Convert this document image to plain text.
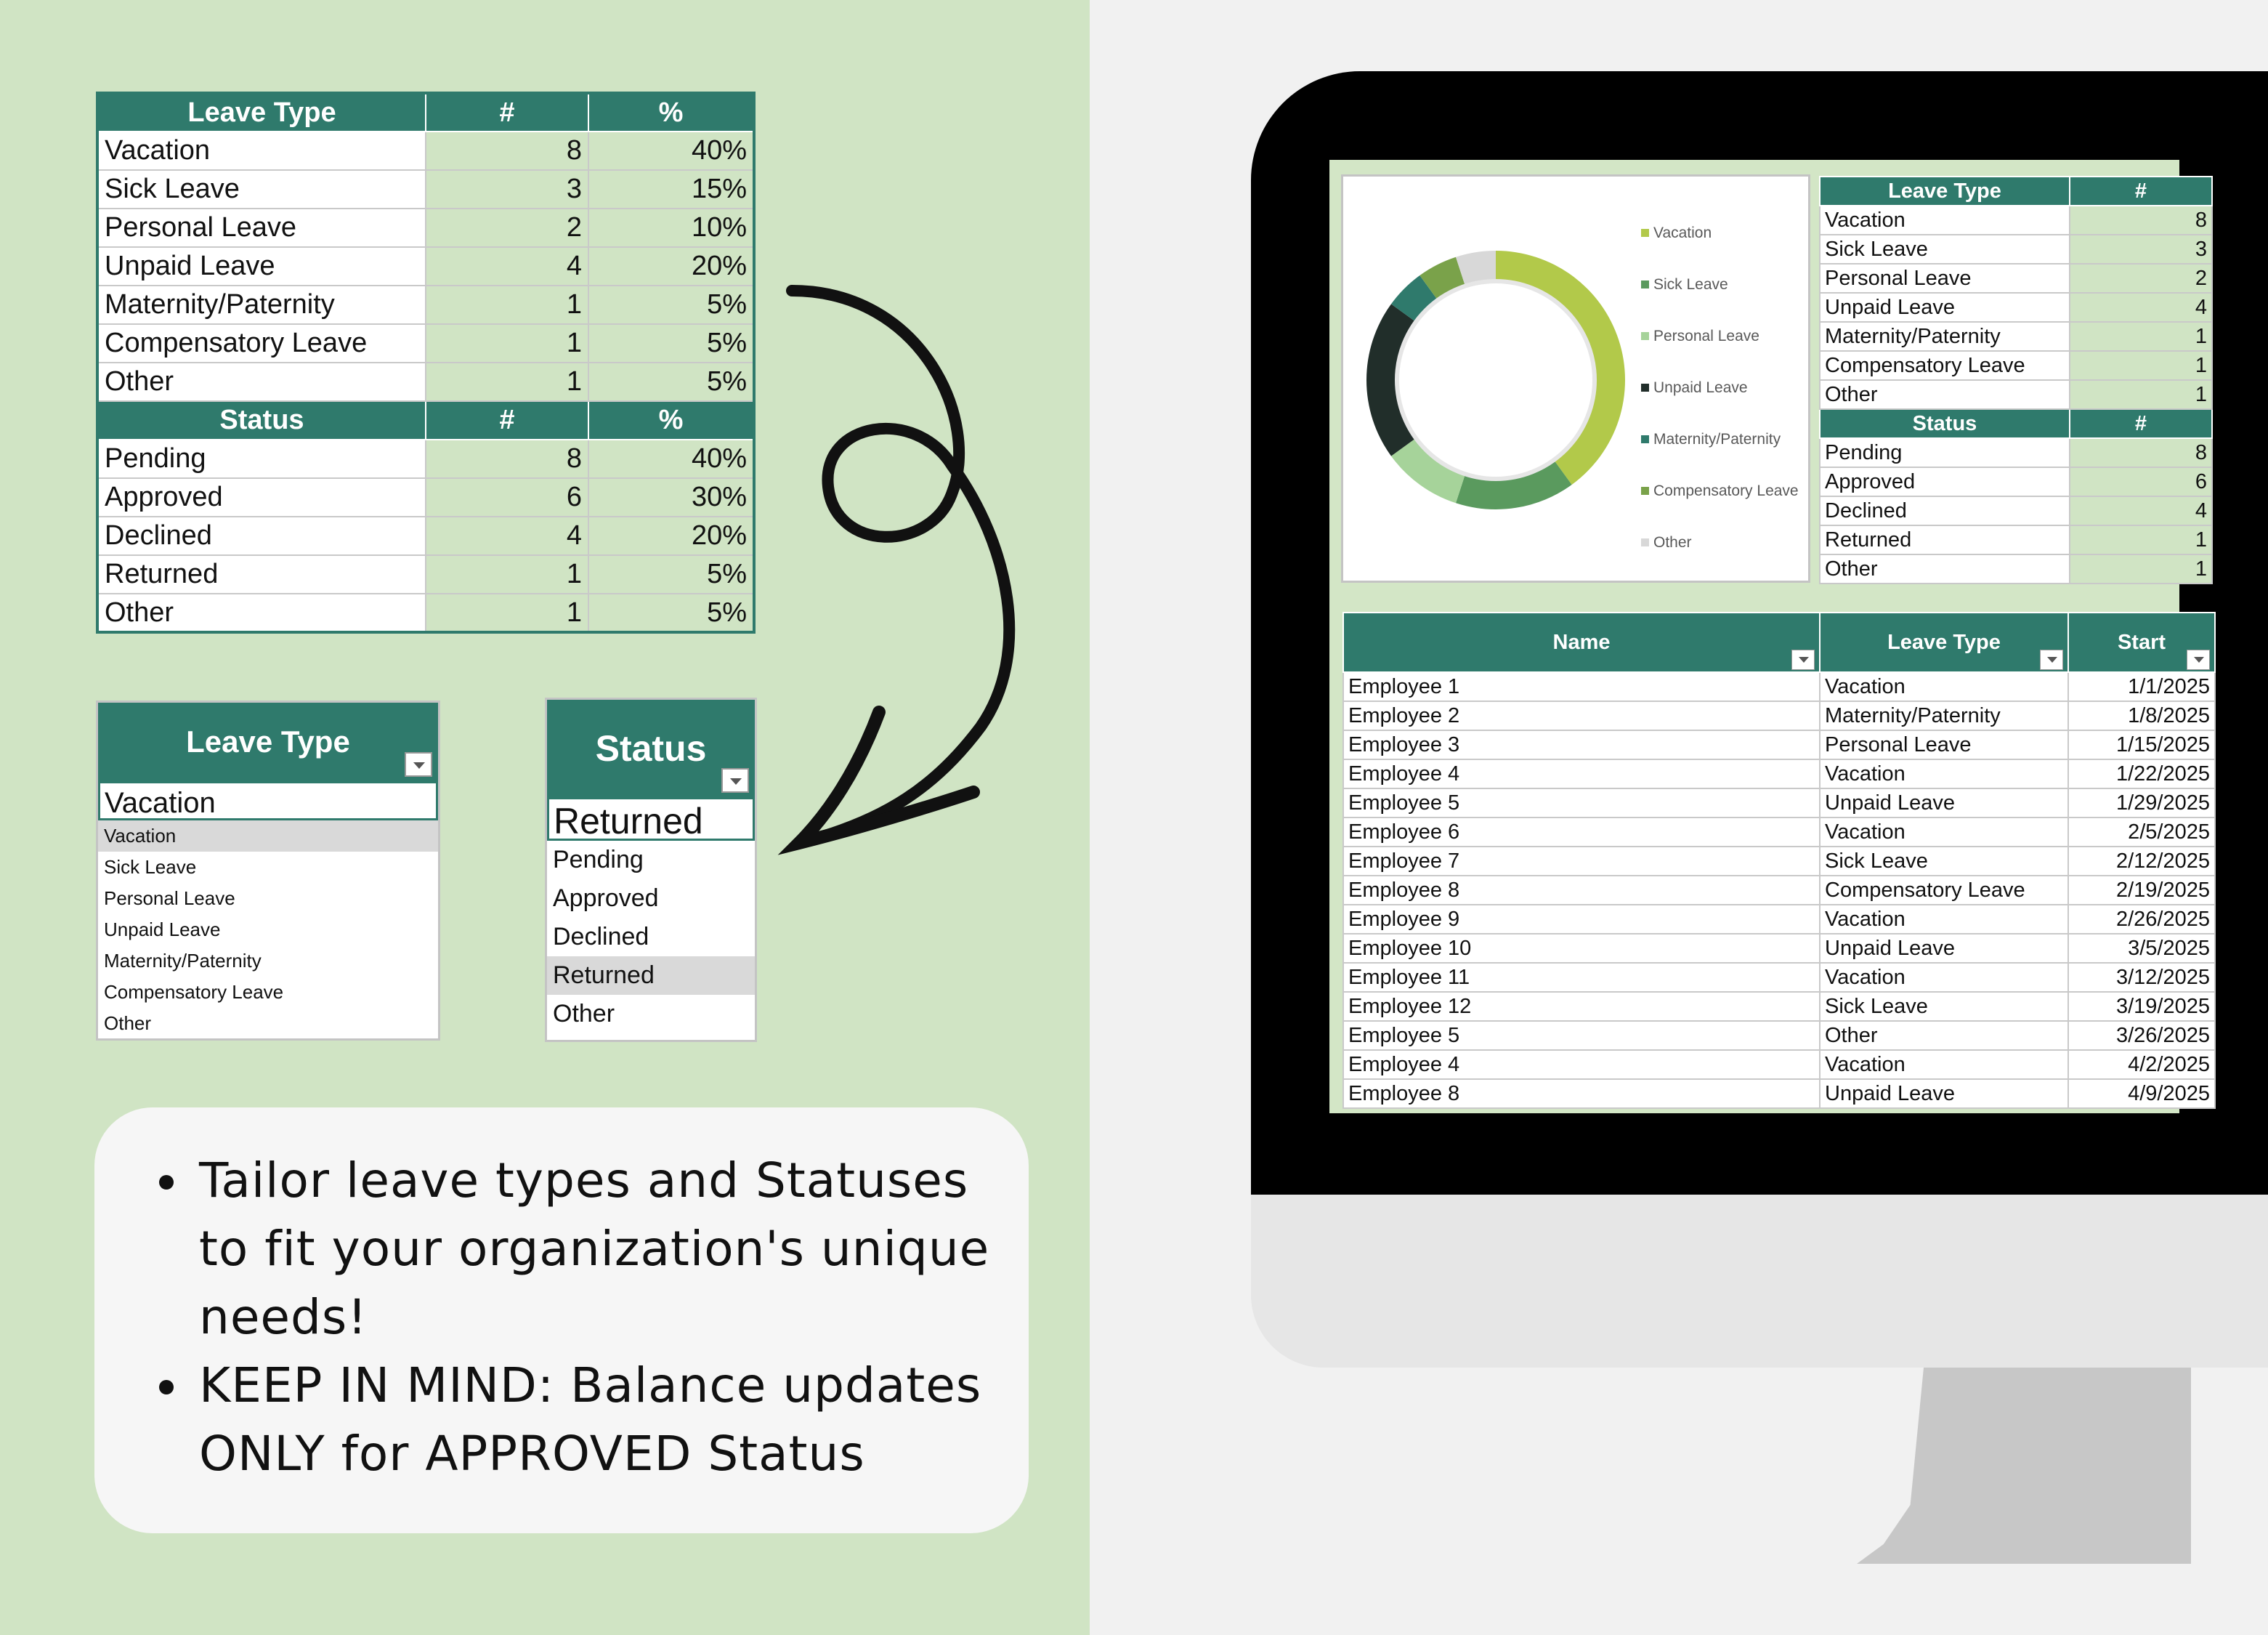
Leave Type	#	%
Vacation	8	40%
Sick Leave	3	15%
Personal Leave	2	10%
Unpaid Leave	4	20%
Maternity/Paternity	1	5%
Compensatory Leave	1	5%
Other	1	5%
Status	#	%
Pending	8	40%
Approved	6	30%
Declined	4	20%
Returned	1	5%
Other	1	5%
Leave Type
Vacation
Vacation
Sick Leave
Personal Leave
Unpaid Leave
Maternity/Paternity
Compensatory Leave
Other
Status
Returned
Pending
Approved
Declined
Returned
Other
• Tailor leave types and Statuses to fit your organization's unique needs!
• KEEP IN MIND: Balance updates ONLY for APPROVED Status
Vacation
Sick Leave
Personal Leave
Unpaid Leave
Maternity/Paternity
Compensatory Leave
Other
Leave Type	#
Vacation	8
Sick Leave	3
Personal Leave	2
Unpaid Leave	4
Maternity/Paternity	1
Compensatory Leave	1
Other	1
Status	#
Pending	8
Approved	6
Declined	4
Returned	1
Other	1
Name	Leave Type	Start

Employee 1	Vacation	1/1/2025
Employee 2	Maternity/Paternity	1/8/2025
Employee 3	Personal Leave	1/15/2025
Employee 4	Vacation	1/22/2025
Employee 5	Unpaid Leave	1/29/2025
Employee 6	Vacation	2/5/2025
Employee 7	Sick Leave	2/12/2025
Employee 8	Compensatory Leave	2/19/2025
Employee 9	Vacation	2/26/2025
Employee 10	Unpaid Leave	3/5/2025
Employee 11	Vacation	3/12/2025
Employee 12	Sick Leave	3/19/2025
Employee 5	Other	3/26/2025
Employee 4	Vacation	4/2/2025
Employee 8	Unpaid Leave	4/9/2025
